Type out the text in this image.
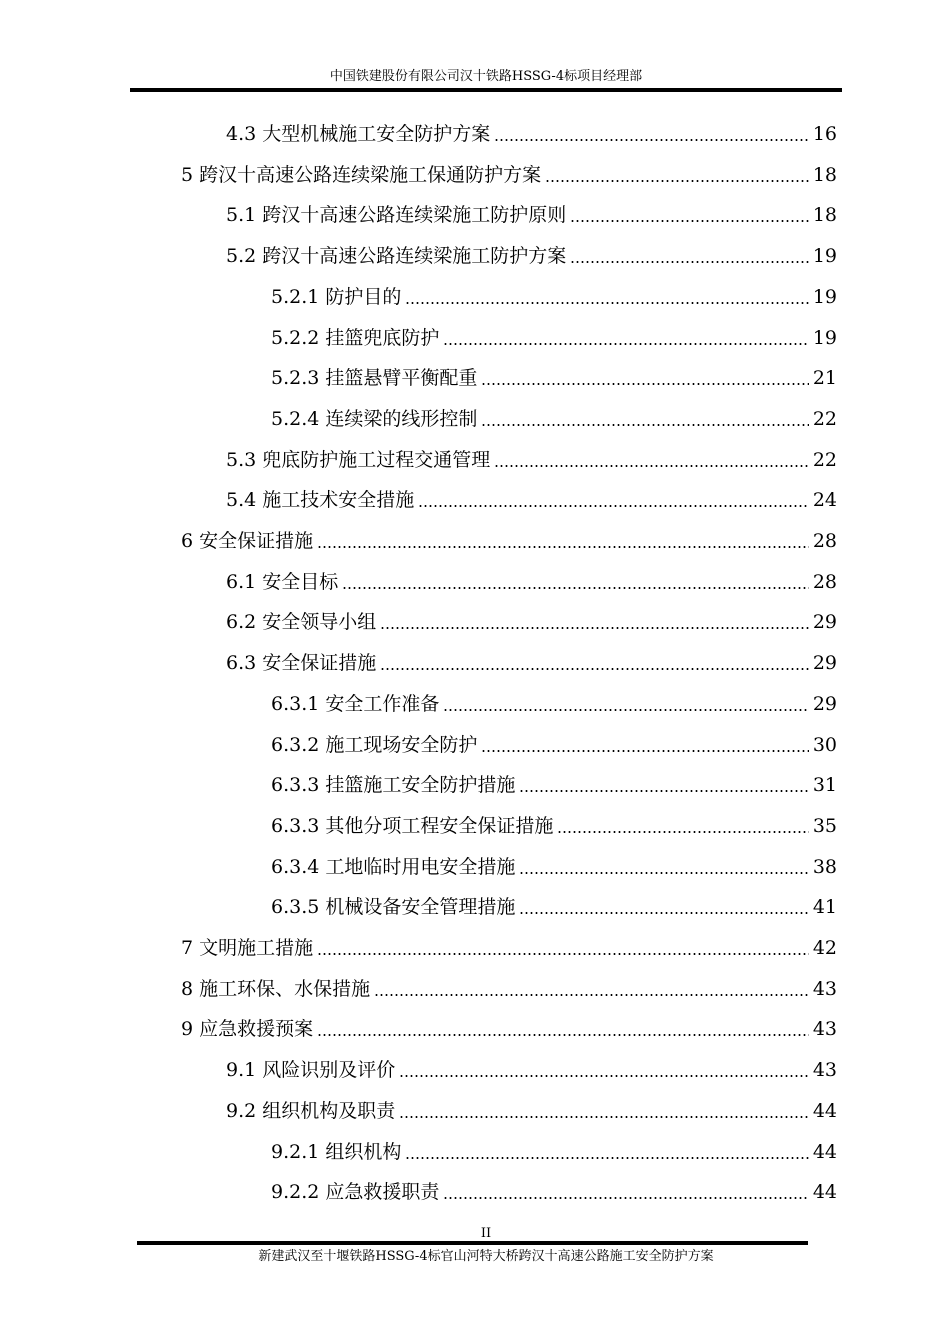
中国铁建股份有限公司汉十铁路HSSG-4标项目经理部
4.3 大型机械施工安全防护方案	16
5 跨汉十高速公路连续梁施工保通防护方案	18
5.1 跨汉十高速公路连续梁施工防护原则	18
5.2 跨汉十高速公路连续梁施工防护方案	19
5.2.1 防护目的	19
5.2.2 挂篮兜底防护	19
5.2.3 挂篮悬臂平衡配重	21
5.2.4 连续梁的线形控制	22
5.3 兜底防护施工过程交通管理	22
5.4 施工技术安全措施	24
6 安全保证措施	28
6.1 安全目标	28
6.2 安全领导小组	29
6.3 安全保证措施	29
6.3.1 安全工作准备	29
6.3.2 施工现场安全防护	30
6.3.3 挂篮施工安全防护措施	31
6.3.3 其他分项工程安全保证措施	35
6.3.4 工地临时用电安全措施	38
6.3.5 机械设备安全管理措施	41
7 文明施工措施	42
8 施工环保、水保措施	43
9 应急救援预案	43
9.1 风险识别及评价	43
9.2 组织机构及职责	44
9.2.1 组织机构	44
9.2.2 应急救援职责	44
II
新建武汉至十堰铁路HSSG-4标官山河特大桥跨汉十高速公路施工安全防护方案
